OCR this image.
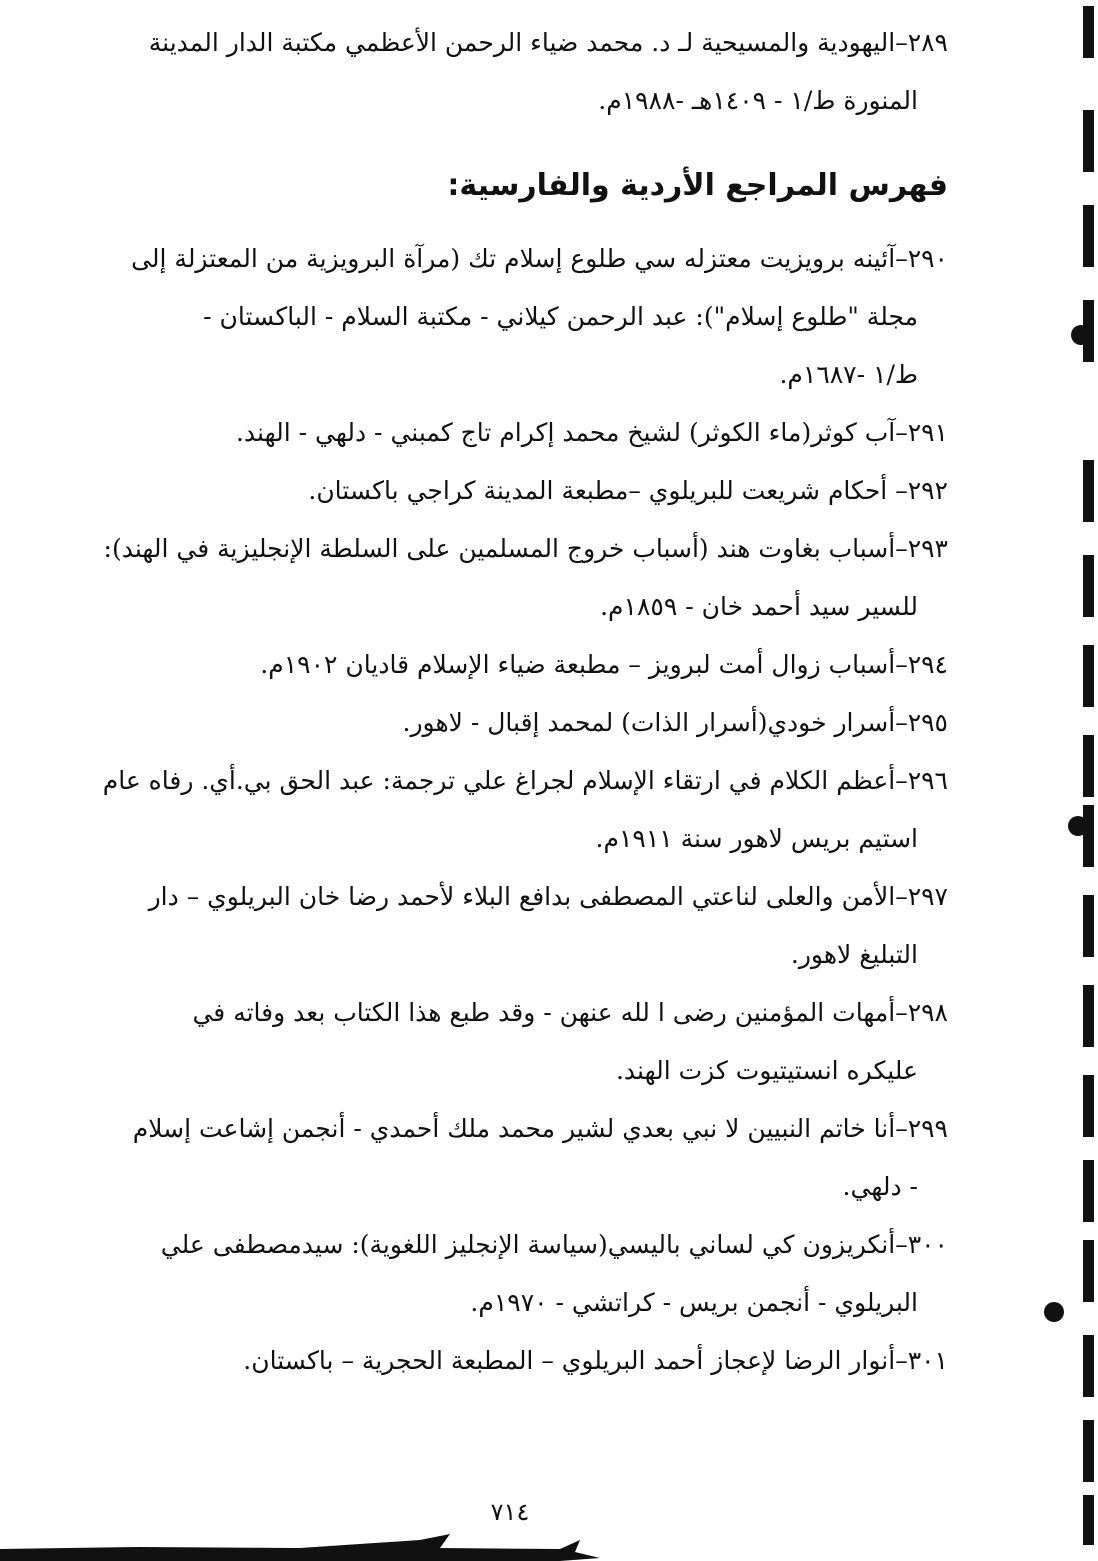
٢٨٩–اليهودية والمسيحية لـ د. محمد ضياء الرحمن الأعظمي مكتبة الدار المدينة
المنورة ط/١ - ١٤٠٩هـ -١٩٨٨م.

فهرس المراجع الأردية والفارسية:

٢٩٠–آئينه برويزيت معتزله سي طلوع إسلام تك (مرآة البرويزية من المعتزلة إلى
مجلة "طلوع إسلام"): عبد الرحمن كيلاني - مكتبة السلام - الباكستان -
ط/١ -١٦٨٧م.

٢٩١–آب كوثر(ماء الكوثر) لشيخ محمد إكرام تاج كمبني - دلهي - الهند.

٢٩٢– أحكام شريعت للبريلوي –مطبعة المدينة كراجي باكستان.

٢٩٣–أسباب بغاوت هند (أسباب خروج المسلمين على السلطة الإنجليزية في الهند):
للسير سيد أحمد خان - ١٨٥٩م.

٢٩٤–أسباب زوال أمت لبرويز – مطبعة ضياء الإسلام قاديان ١٩٠٢م.

٢٩٥–أسرار خودي(أسرار الذات) لمحمد إقبال - لاهور.

٢٩٦–أعظم الكلام في ارتقاء الإسلام لجراغ علي ترجمة: عبد الحق بي.أي. رفاه عام
استيم بريس لاهور سنة ١٩١١م.

٢٩٧–الأمن والعلى لناعتي المصطفى بدافع البلاء لأحمد رضا خان البريلوي – دار
التبليغ لاهور.

٢٩٨–أمهات المؤمنين رضى ا لله عنهن - وقد طبع هذا الكتاب بعد وفاته في
عليكره انستيتيوت كزت الهند.

٢٩٩–أنا خاتم النبيين لا نبي بعدي لشير محمد ملك أحمدي - أنجمن إشاعت إسلام
- دلهي.

٣٠٠–أنكريزون كي لساني باليسي(سياسة الإنجليز اللغوية): سيدمصطفى علي
البريلوي - أنجمن بريس - كراتشي - ١٩٧٠م.

٣٠١–أنوار الرضا لإعجاز أحمد البريلوي – المطبعة الحجرية – باكستان.

٧١٤
